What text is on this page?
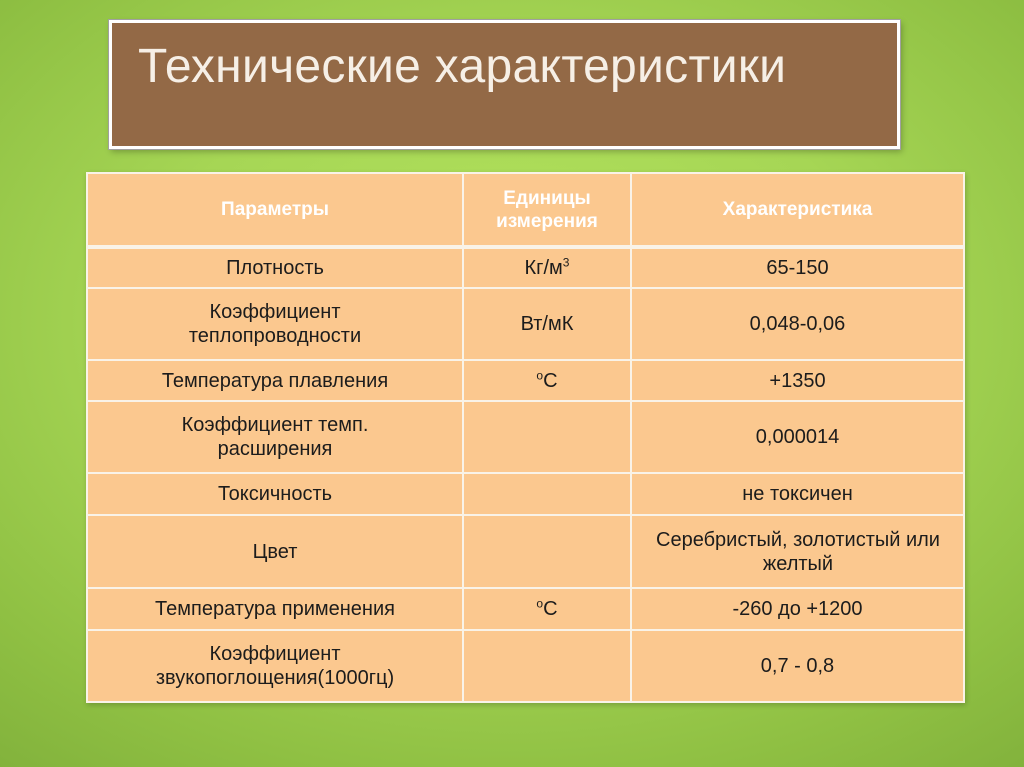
Технические характеристики
Параметры	Единицы измерения	Характеристика
Плотность	$Кг/м^3$	65-150

Коэффициент теплопроводности	Вт/мК	0,048-0,06
Температура плавления	$^о$С	+1350

Коэффициент темп. расширения		0,000014
Токсичность		не токсичен
Цвет		Серебристый, золотистый или желтый

Температура применения	$^о$С	-260 до +1200

Коэффициент звукопоглощения(1000гц)		0,7 - 0,8
